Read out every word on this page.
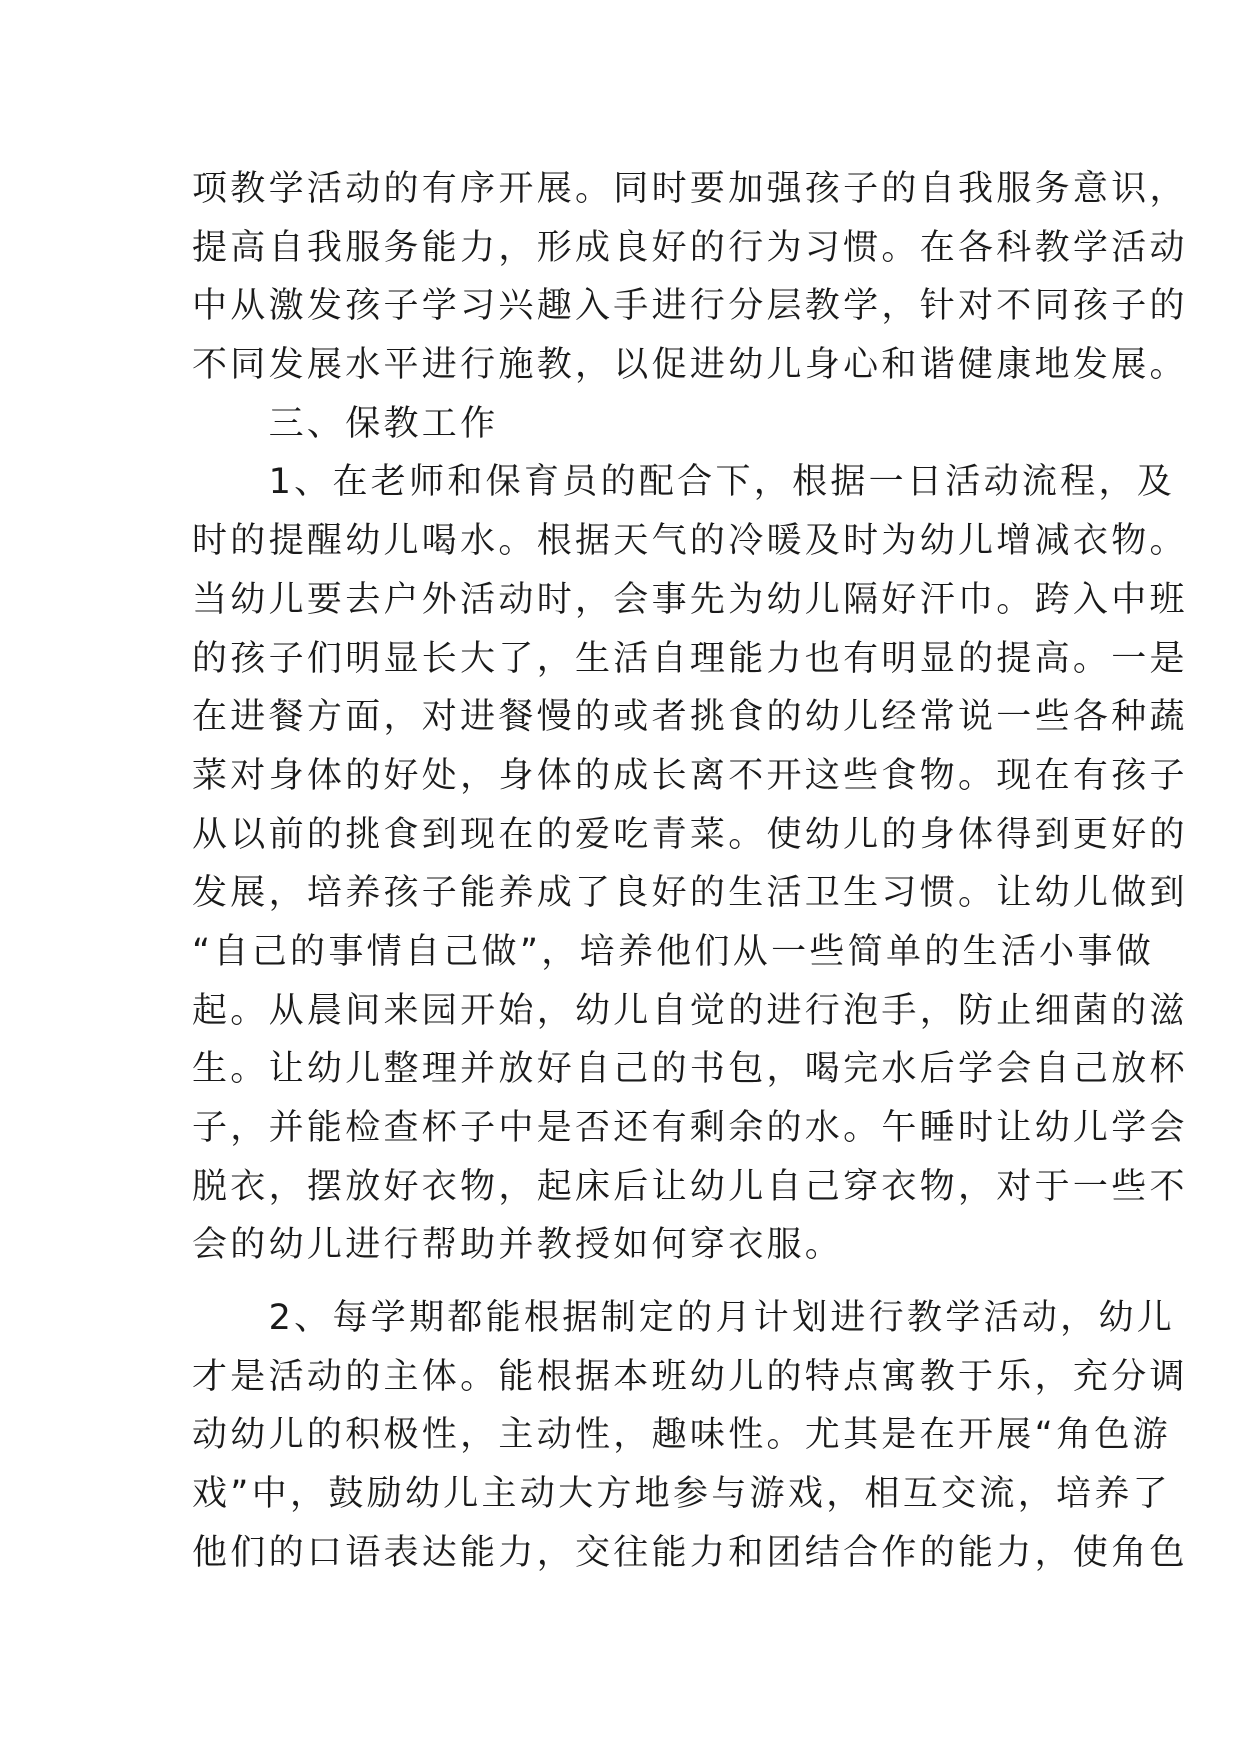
项教学活动的有序开展。同时要加强孩子的自我服务意识，
提高自我服务能力，形成良好的行为习惯。在各科教学活动
中从激发孩子学习兴趣入手进行分层教学，针对不同孩子的
不同发展水平进行施教，以促进幼儿身心和谐健康地发展。
　　三、保教工作
　　1、在老师和保育员的配合下，根据一日活动流程，及
时的提醒幼儿喝水。根据天气的冷暖及时为幼儿增减衣物。
当幼儿要去户外活动时，会事先为幼儿隔好汗巾。跨入中班
的孩子们明显长大了，生活自理能力也有明显的提高。一是
在进餐方面，对进餐慢的或者挑食的幼儿经常说一些各种蔬
菜对身体的好处，身体的成长离不开这些食物。现在有孩子
从以前的挑食到现在的爱吃青菜。使幼儿的身体得到更好的
发展，培养孩子能养成了良好的生活卫生习惯。让幼儿做到
“自己的事情自己做”，培养他们从一些简单的生活小事做
起。从晨间来园开始，幼儿自觉的进行泡手，防止细菌的滋
生。让幼儿整理并放好自己的书包，喝完水后学会自己放杯
子，并能检查杯子中是否还有剩余的水。午睡时让幼儿学会
脱衣，摆放好衣物，起床后让幼儿自己穿衣物，对于一些不
会的幼儿进行帮助并教授如何穿衣服。
　　2、每学期都能根据制定的月计划进行教学活动，幼儿
才是活动的主体。能根据本班幼儿的特点寓教于乐，充分调
动幼儿的积极性，主动性，趣味性。尤其是在开展“角色游
戏”中，鼓励幼儿主动大方地参与游戏，相互交流，培养了
他们的口语表达能力，交往能力和团结合作的能力，使角色
